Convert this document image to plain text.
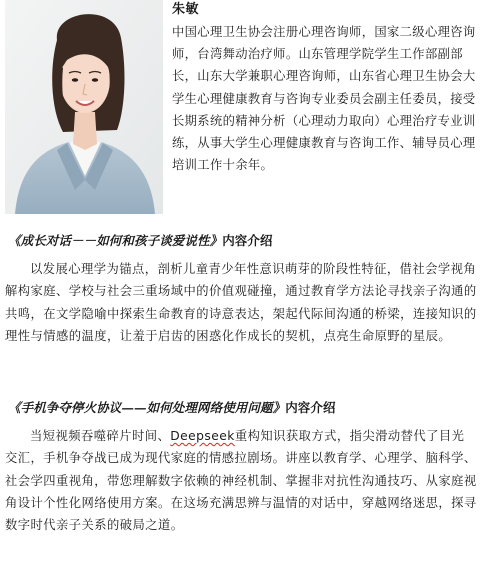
朱敏

中国心理卫生协会注册心理咨询师，国家二级心理咨询师，台湾舞动治疗师。山东管理学院学生工作部副部长，山东大学兼职心理咨询师，山东省心理卫生协会大学生心理健康教育与咨询专业委员会副主任委员，接受长期系统的精神分析（心理动力取向）心理治疗专业训练，从事大学生心理健康教育与咨询工作、辅导员心理培训工作十余年。

《成长对话－－如何和孩子谈爱说性》内容介绍

以发展心理学为锚点，剖析儿童青少年性意识萌芽的阶段性特征，借社会学视角解构家庭、学校与社会三重场域中的价值观碰撞，通过教育学方法论寻找亲子沟通的共鸣，在文学隐喻中探索生命教育的诗意表达，架起代际间沟通的桥梁，连接知识的理性与情感的温度，让羞于启齿的困惑化作成长的契机，点亮生命原野的星辰。

《手机争夺停火协议——如何处理网络使用问题》内容介绍

当短视频吞噬碎片时间、Deepseek重构知识获取方式，指尖滑动替代了目光交汇，手机争夺战已成为现代家庭的情感拉剧场。讲座以教育学、心理学、脑科学、社会学四重视角，带您理解数字依赖的神经机制、掌握非对抗性沟通技巧、从家庭视角设计个性化网络使用方案。在这场充满思辨与温情的对话中，穿越网络迷思，探寻数字时代亲子关系的破局之道。
